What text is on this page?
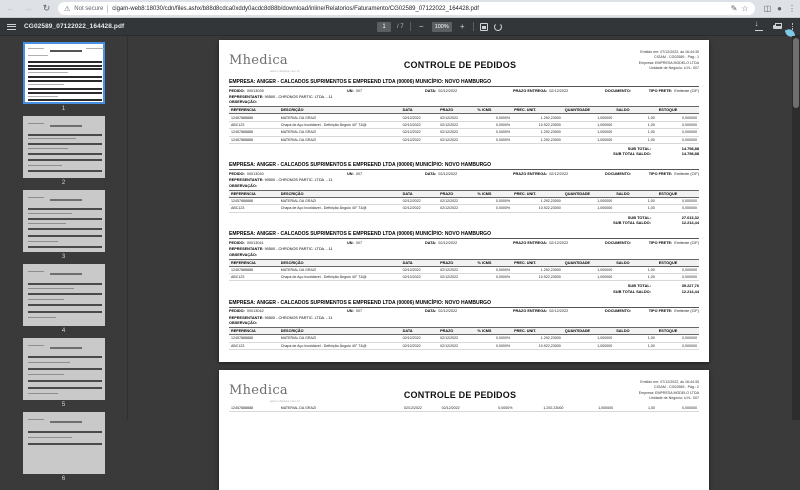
← →	↻	⚠ Not secure cigam-web8:18030/cdn/files.ashx/b88d8cdca0xddy0acdc8d88b/download/inline/Relatorios/Faturamento/CG02589_07122022_164428.pdf	✎ ☆ ◫ ● ⋮
CG02589_07122022_164428.pdf	1	/ 7 −	100%	+
↓
1
2
3
4
5
6
Mhedica
www.mhedica.com.br
CONTROLE DE PEDIDOS
Emitido em: 07/12/2022, às 16:44:30
CIGAM - CG02589 - Pág.: 1
Empresa: EMPRESA MODELO LTDA
Unidade de Negócio: U.N.: 007
EMPRESA: ANIGER - CALCADOS SUPRIMENTOS E EMPREEND LTDA (00006) MUNICÍPIO: NOVO HAMBURGO
PEDIDO: 00013039	UN: 007	DATA: 02/12/2022	PRAZO ENTREGA: 02/12/2022	DOCUMENTO:	TIPO FRETE: Emitente (CIF)
REPRESENTANTE: 90500 - CHRONOS PARTIC. LTDA. - 11
OBSERVAÇÃO:
REFERENCIA	DESCRIÇÃO	DATA	PRAZO	% ICMS	PREC. UNIT.	QUANTIDADE	SALDO	ESTOQUE
12457888888	MATERIAL DA GRAZI	02/12/2022	02/12/2022	0,0000%	1.292,23000	1,000000	1,00	0,000000
ABC123	Chapa de Aço Inoxidável - Definição Ângulo 40° T&@	02/12/2022	02/12/2022	0,0000%	10.922,23000	1,000000	1,00	0,000000
12457888888	MATERIAL DA GRAZI	02/12/2022	02/12/2022	0,0000%	1.292,23000	1,000000	1,00	0,000000
12457888888	MATERIAL DA GRAZI	02/12/2022	02/12/2022	0,0000%	1.292,23000	1,000000	1,00	0,000000
SUB TOTAL:	14.798,88
SUB TOTAL SALDO:	14.798,88
EMPRESA: ANIGER - CALCADOS SUPRIMENTOS E EMPREEND LTDA (00006) MUNICÍPIO: NOVO HAMBURGO
PEDIDO: 00013040	UN: 007	DATA: 02/12/2022	PRAZO ENTREGA: 02/12/2022	DOCUMENTO:	TIPO FRETE: Emitente (CIF)
REPRESENTANTE: 90500 - CHRONOS PARTIC. LTDA. - 11
OBSERVAÇÃO:
REFERENCIA	DESCRIÇÃO	DATA	PRAZO	% ICMS	PREC. UNIT.	QUANTIDADE	SALDO	ESTOQUE
12457888888	MATERIAL DA GRAZI	02/12/2022	02/12/2022	0,0000%	1.292,23000	1,000000	1,00	0,000000
ABC123	Chapa de Aço Inoxidável - Definição Ângulo 40° T&@	02/12/2022	02/12/2022	0,0000%	10.922,23000	1,000000	1,00	0,000000
SUB TOTAL:	27.013,32
SUB TOTAL SALDO:	12.214,44
EMPRESA: ANIGER - CALCADOS SUPRIMENTOS E EMPREEND LTDA (00006) MUNICÍPIO: NOVO HAMBURGO
PEDIDO: 00013041	UN: 007	DATA: 02/12/2022	PRAZO ENTREGA: 02/12/2022	DOCUMENTO:	TIPO FRETE: Emitente (CIF)
REPRESENTANTE: 90500 - CHRONOS PARTIC. LTDA. - 11
OBSERVAÇÃO:
REFERENCIA	DESCRIÇÃO	DATA	PRAZO	% ICMS	PREC. UNIT.	QUANTIDADE	SALDO	ESTOQUE
12457888888	MATERIAL DA GRAZI	02/12/2022	02/12/2022	0,0000%	1.292,23000	1,000000	1,00	0,000000
ABC123	Chapa de Aço Inoxidável - Definição Ângulo 40° T&@	02/12/2022	02/12/2022	0,0000%	10.922,23000	1,000000	1,00	0,000000
SUB TOTAL:	39.227,76
SUB TOTAL SALDO:	12.214,44
EMPRESA: ANIGER - CALCADOS SUPRIMENTOS E EMPREEND LTDA (00006) MUNICÍPIO: NOVO HAMBURGO
PEDIDO: 00013042	UN: 007	DATA: 02/12/2022	PRAZO ENTREGA: 02/12/2022	DOCUMENTO:	TIPO FRETE: Emitente (CIF)
REPRESENTANTE: 90500 - CHRONOS PARTIC. LTDA. - 11
OBSERVAÇÃO:
REFERENCIA	DESCRIÇÃO	DATA	PRAZO	% ICMS	PREC. UNIT.	QUANTIDADE	SALDO	ESTOQUE
12457888888	MATERIAL DA GRAZI	02/12/2022	02/12/2022	0,0000%	1.292,23000	1,000000	1,00	0,000000
ABC123	Chapa de Aço Inoxidável - Definição Ângulo 40° T&@	02/12/2022	02/12/2022	0,0000%	10.922,23000	1,000000	1,00	0,000000
Mhedica
www.mhedica.com.br
CONTROLE DE PEDIDOS
Emitido em: 07/12/2022, às 16:44:35
CIGAM - CG02589 - Pág.: 2
Empresa: EMPRESA MODELO LTDA
Unidade de Negócio: U.N.: 007
12457888888	MATERIAL DA GRAZI	02/12/2022	02/12/2022	0,0000%	1.292,23000	1,000000	1,00	0,000000
